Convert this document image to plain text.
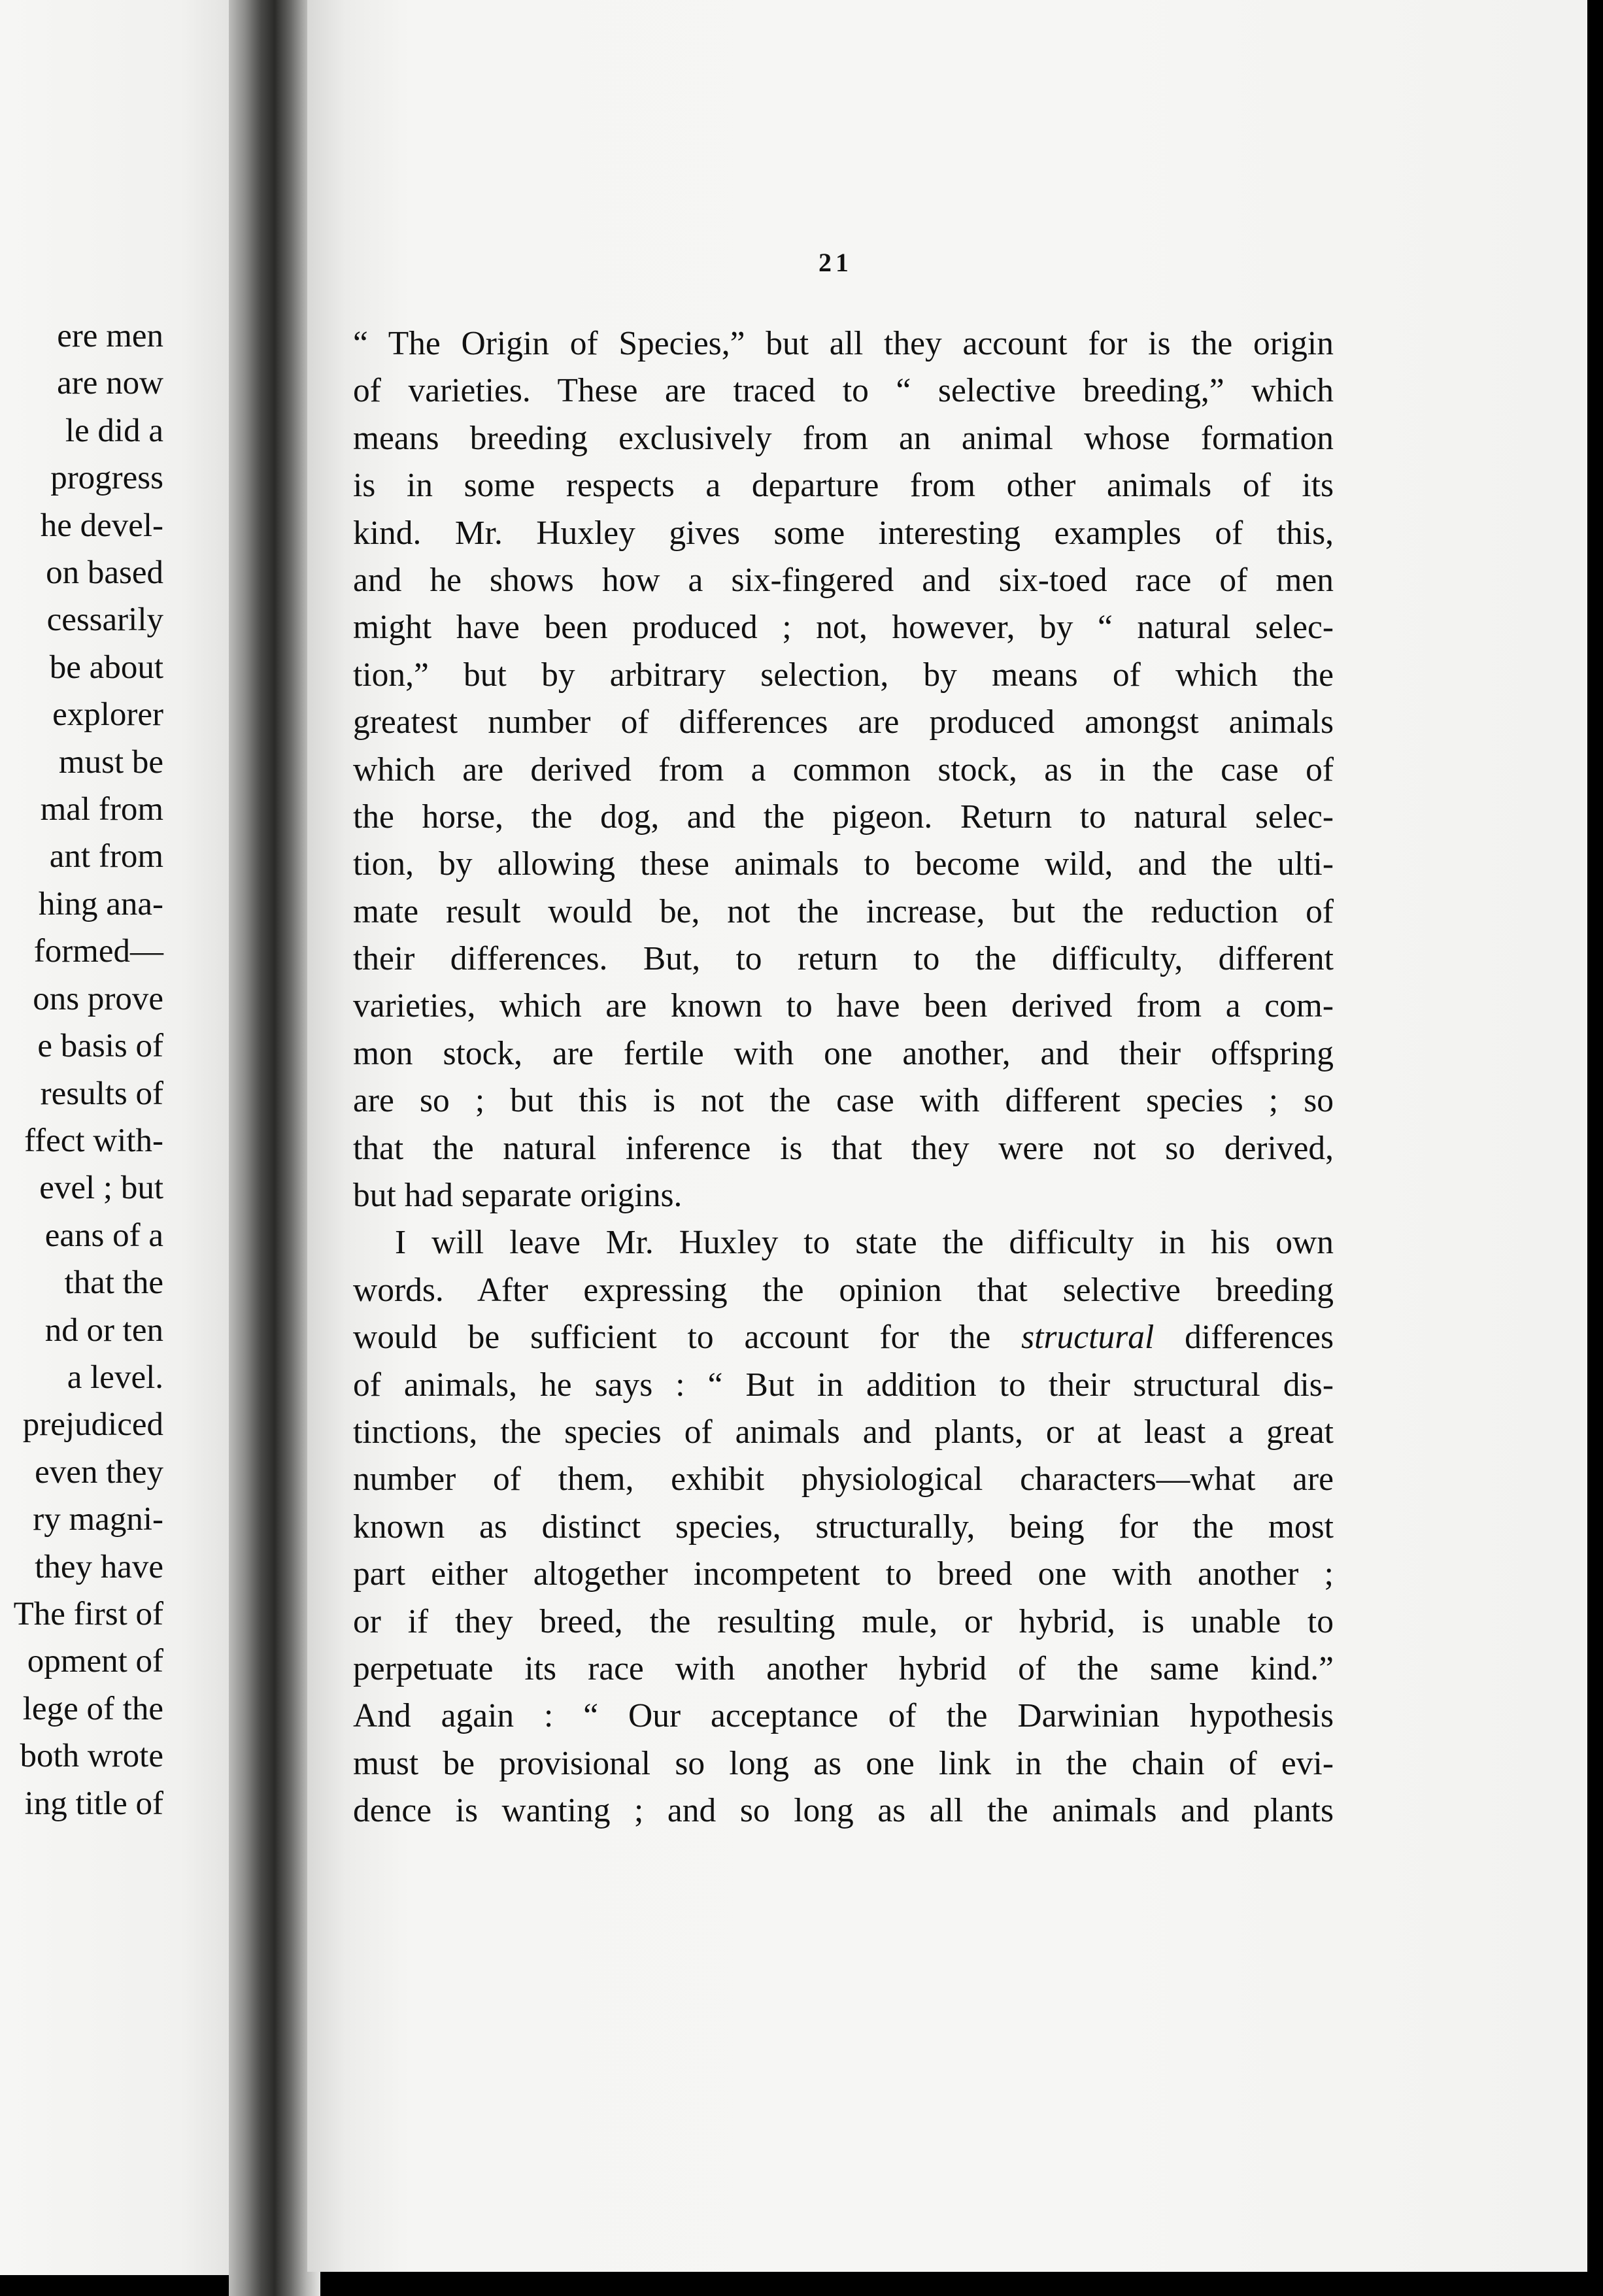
ere men
are now
le did a
progress
he devel-
on based
cessarily
be about
explorer
must be
mal from
ant from
hing ana-
formed—
ons prove
e basis of
results of
ffect with-
evel ; but
eans of a
that the
nd or ten
a level.
prejudiced
even they
ry magni-
they have
The first of
opment of
lege of the
both wrote
ing title of
21
“ The Origin of Species,” but all they account for is the origin
of varieties. These are traced to “ selective breeding,” which
means breeding exclusively from an animal whose formation
is in some respects a departure from other animals of its
kind. Mr. Huxley gives some interesting examples of this,
and he shows how a six-fingered and six-toed race of men
might have been produced ; not, however, by “ natural selec-
tion,” but by arbitrary selection, by means of which the
greatest number of differences are produced amongst animals
which are derived from a common stock, as in the case of
the horse, the dog, and the pigeon. Return to natural selec-
tion, by allowing these animals to become wild, and the ulti-
mate result would be, not the increase, but the reduction of
their differences. But, to return to the difficulty, different
varieties, which are known to have been derived from a com-
mon stock, are fertile with one another, and their offspring
are so ; but this is not the case with different species ; so
that the natural inference is that they were not so derived,
but had separate origins.
I will leave Mr. Huxley to state the difficulty in his own
words. After expressing the opinion that selective breeding
would be sufficient to account for the structural differences
of animals, he says : “ But in addition to their structural dis-
tinctions, the species of animals and plants, or at least a great
number of them, exhibit physiological characters—what are
known as distinct species, structurally, being for the most
part either altogether incompetent to breed one with another ;
or if they breed, the resulting mule, or hybrid, is unable to
perpetuate its race with another hybrid of the same kind.”
And again : “ Our acceptance of the Darwinian hypothesis
must be provisional so long as one link in the chain of evi-
dence is wanting ; and so long as all the animals and plants
